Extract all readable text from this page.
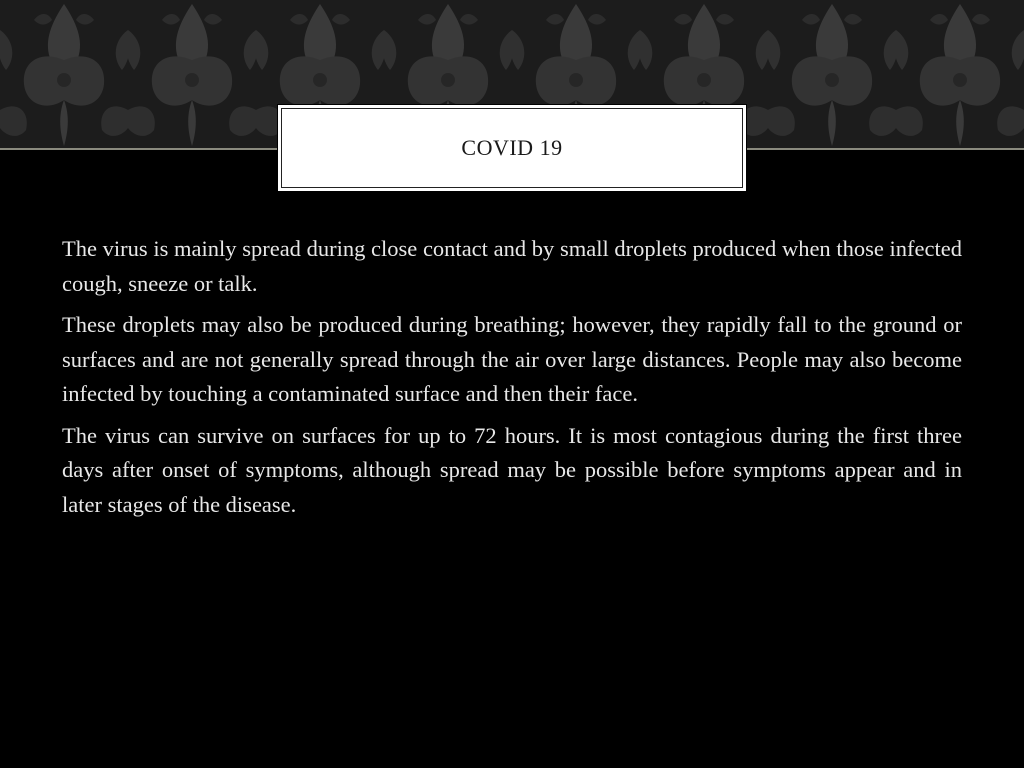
COVID 19

The virus is mainly spread during close contact and by small droplets produced when those infected cough, sneeze or talk.

These droplets may also be produced during breathing; however, they rapidly fall to the ground or surfaces and are not generally spread through the air over large distances. People may also become infected by touching a contaminated surface and then their face.

The virus can survive on surfaces for up to 72 hours. It is most contagious during the first three days after onset of symptoms, although spread may be possible before symptoms appear and in later stages of the disease.
